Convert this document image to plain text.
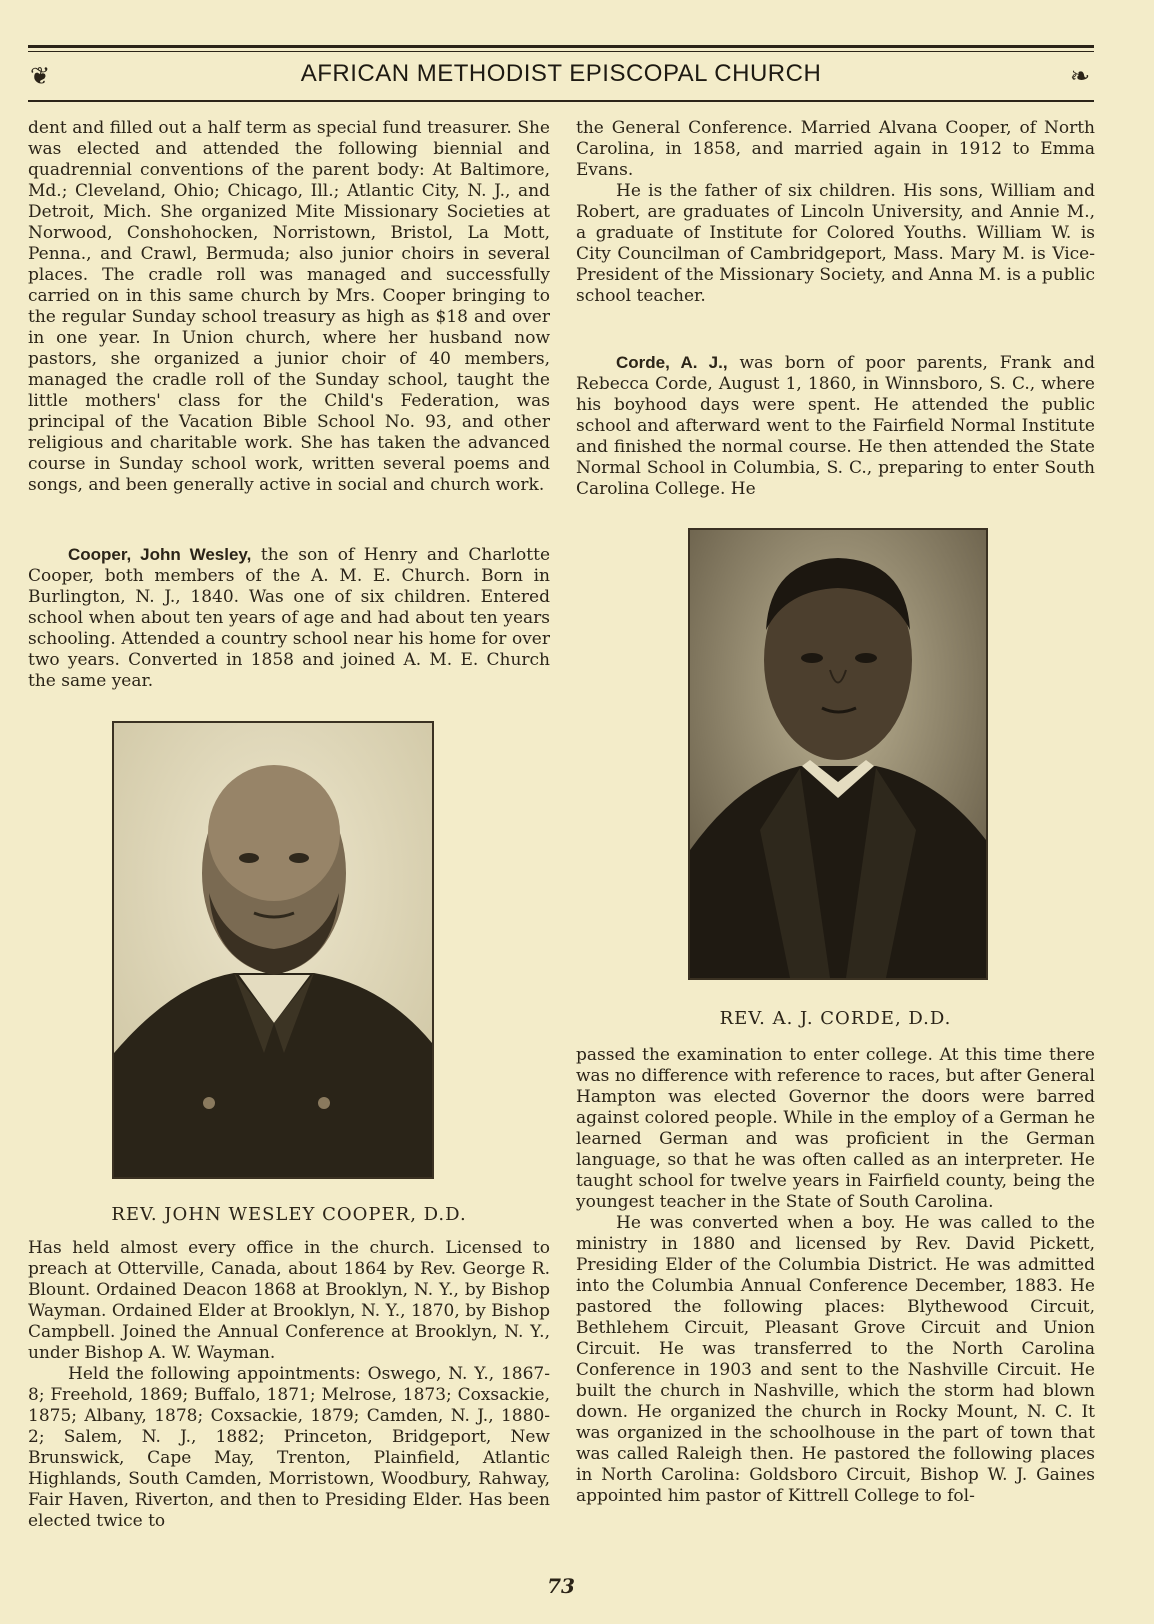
❦	AFRICAN METHODIST EPISCOPAL CHURCH	❧

dent and filled out a half term as special fund treasurer. She was elected and attended the following biennial and quadrennial conventions of the parent body: At Baltimore, Md.; Cleveland, Ohio; Chicago, Ill.; Atlantic City, N. J., and Detroit, Mich. She organized Mite Missionary Societies at Norwood, Conshohocken, Norristown, Bristol, La Mott, Penna., and Crawl, Bermuda; also junior choirs in several places. The cradle roll was managed and successfully carried on in this same church by Mrs. Cooper bringing to the regular Sunday school treasury as high as $18 and over in one year. In Union church, where her husband now pastors, she organized a junior choir of 40 members, managed the cradle roll of the Sunday school, taught the little mothers' class for the Child's Federation, was principal of the Vacation Bible School No. 93, and other religious and charitable work. She has taken the advanced course in Sunday school work, written several poems and songs, and been generally active in social and church work.

Cooper, John Wesley, the son of Henry and Charlotte Cooper, both members of the A. M. E. Church. Born in Burlington, N. J., 1840. Was one of six children. Entered school when about ten years of age and had about ten years schooling. Attended a country school near his home for over two years. Converted in 1858 and joined A. M. E. Church the same year.

REV. JOHN WESLEY COOPER, D.D.

Has held almost every office in the church. Licensed to preach at Otterville, Canada, about 1864 by Rev. George R. Blount. Ordained Deacon 1868 at Brooklyn, N. Y., by Bishop Wayman. Ordained Elder at Brooklyn, N. Y., 1870, by Bishop Campbell. Joined the Annual Conference at Brooklyn, N. Y., under Bishop A. W. Wayman.

Held the following appointments: Oswego, N. Y., 1867-8; Freehold, 1869; Buffalo, 1871; Melrose, 1873; Coxsackie, 1875; Albany, 1878; Coxsackie, 1879; Camden, N. J., 1880-2; Salem, N. J., 1882; Princeton, Bridgeport, New Brunswick, Cape May, Trenton, Plainfield, Atlantic Highlands, South Camden, Morristown, Woodbury, Rahway, Fair Haven, Riverton, and then to Presiding Elder. Has been elected twice to

the General Conference. Married Alvana Cooper, of North Carolina, in 1858, and married again in 1912 to Emma Evans.

He is the father of six children. His sons, William and Robert, are graduates of Lincoln University, and Annie M., a graduate of Institute for Colored Youths. William W. is City Councilman of Cambridgeport, Mass. Mary M. is Vice-President of the Missionary Society, and Anna M. is a public school teacher.

Corde, A. J., was born of poor parents, Frank and Rebecca Corde, August 1, 1860, in Winnsboro, S. C., where his boyhood days were spent. He attended the public school and afterward went to the Fairfield Normal Institute and finished the normal course. He then attended the State Normal School in Columbia, S. C., preparing to enter South Carolina College. He

REV. A. J. CORDE, D.D.

passed the examination to enter college. At this time there was no difference with reference to races, but after General Hampton was elected Governor the doors were barred against colored people. While in the employ of a German he learned German and was proficient in the German language, so that he was often called as an interpreter. He taught school for twelve years in Fairfield county, being the youngest teacher in the State of South Carolina.

He was converted when a boy. He was called to the ministry in 1880 and licensed by Rev. David Pickett, Presiding Elder of the Columbia District. He was admitted into the Columbia Annual Conference December, 1883. He pastored the following places: Blythewood Circuit, Bethlehem Circuit, Pleasant Grove Circuit and Union Circuit. He was transferred to the North Carolina Conference in 1903 and sent to the Nashville Circuit. He built the church in Nashville, which the storm had blown down. He organized the church in Rocky Mount, N. C. It was organized in the schoolhouse in the part of town that was called Raleigh then. He pastored the following places in North Carolina: Goldsboro Circuit, Bishop W. J. Gaines appointed him pastor of Kittrell College to fol-

73
